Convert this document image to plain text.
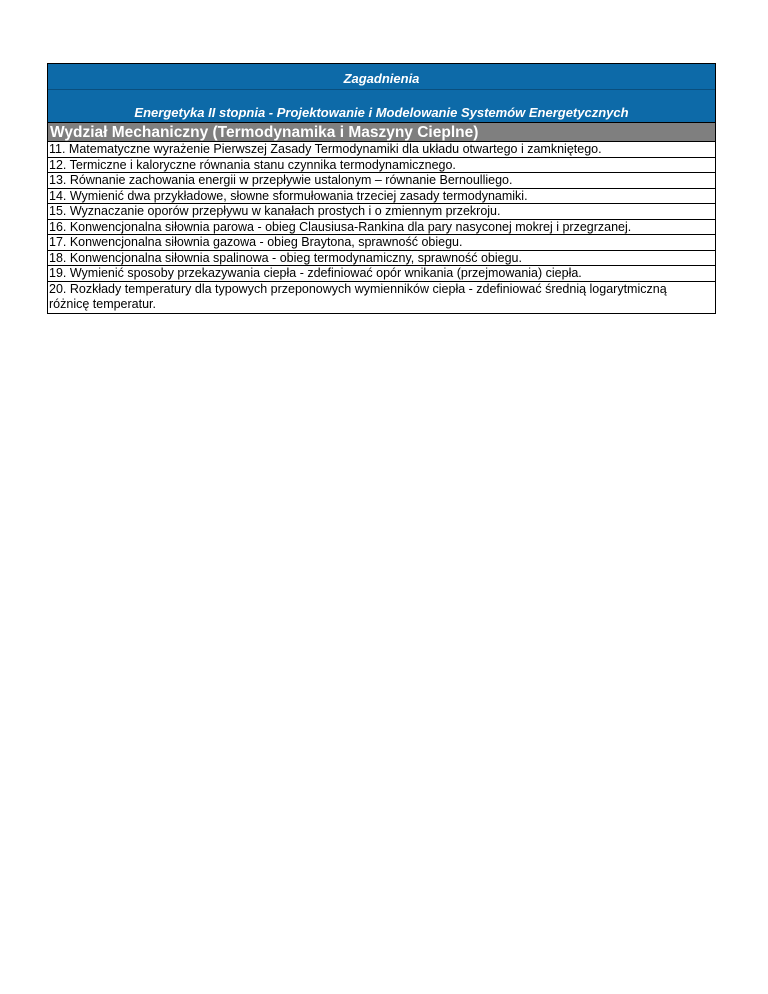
Zagadnienia
Energetyka II stopnia - Projektowanie i Modelowanie Systemów Energetycznych
Wydział Mechaniczny (Termodynamika i Maszyny Cieplne)
11. Matematyczne wyrażenie Pierwszej Zasady Termodynamiki dla układu otwartego i zamkniętego.
12. Termiczne i kaloryczne równania stanu czynnika termodynamicznego.
13. Równanie zachowania energii w przepływie ustalonym – równanie Bernoulliego.
14. Wymienić dwa przykładowe, słowne sformułowania trzeciej zasady termodynamiki.
15. Wyznaczanie oporów przepływu w kanałach prostych i o zmiennym przekroju.
16. Konwencjonalna siłownia parowa - obieg Clausiusa-Rankina dla pary nasyconej mokrej i przegrzanej.
17. Konwencjonalna siłownia gazowa - obieg Braytona, sprawność obiegu.
18. Konwencjonalna siłownia spalinowa - obieg termodynamiczny, sprawność obiegu.
19. Wymienić sposoby przekazywania ciepła - zdefiniować opór wnikania (przejmowania) ciepła.
20. Rozkłady temperatury dla typowych przeponowych wymienników ciepła - zdefiniować średnią logarytmiczną różnicę temperatur.
